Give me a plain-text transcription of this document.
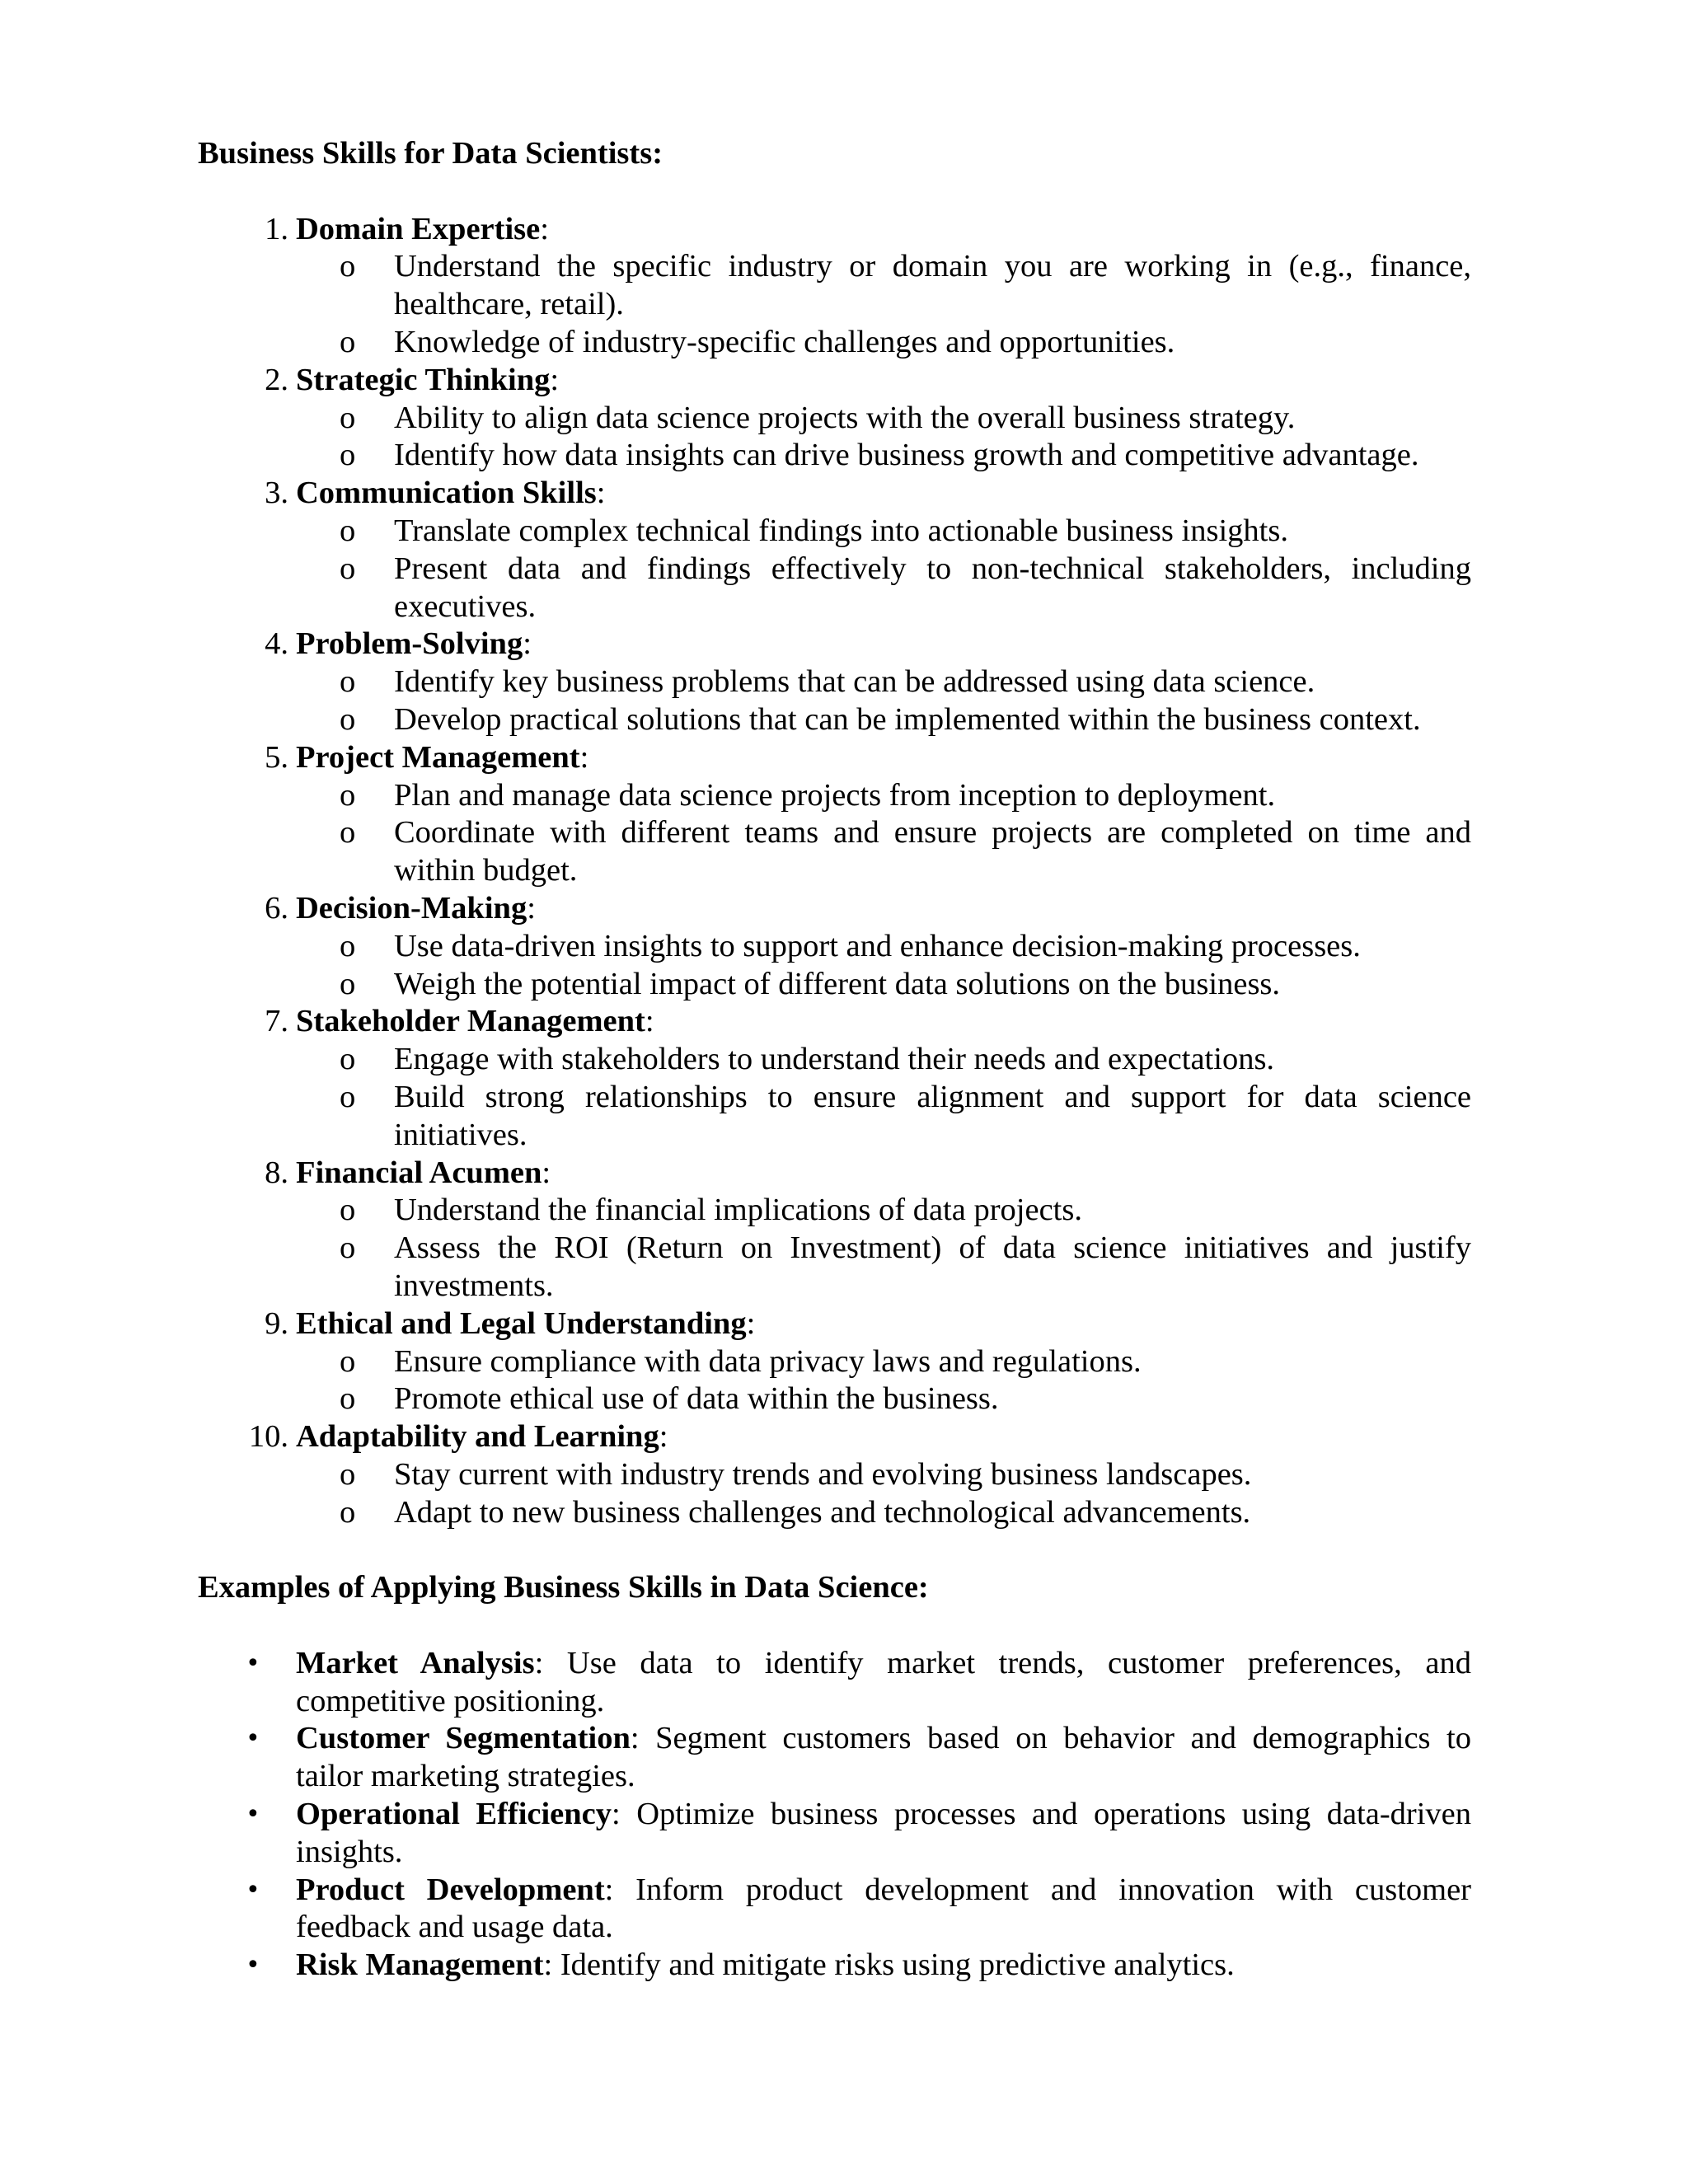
Business Skills for Data Scientists:

1. Domain Expertise:
o Understand the specific industry or domain you are working in (e.g., finance, healthcare, retail).
o Knowledge of industry-specific challenges and opportunities.
2. Strategic Thinking:
o Ability to align data science projects with the overall business strategy.
o Identify how data insights can drive business growth and competitive advantage.
3. Communication Skills:
o Translate complex technical findings into actionable business insights.
o Present data and findings effectively to non-technical stakeholders, including executives.
4. Problem-Solving:
o Identify key business problems that can be addressed using data science.
o Develop practical solutions that can be implemented within the business context.
5. Project Management:
o Plan and manage data science projects from inception to deployment.
o Coordinate with different teams and ensure projects are completed on time and within budget.
6. Decision-Making:
o Use data-driven insights to support and enhance decision-making processes.
o Weigh the potential impact of different data solutions on the business.
7. Stakeholder Management:
o Engage with stakeholders to understand their needs and expectations.
o Build strong relationships to ensure alignment and support for data science initiatives.
8. Financial Acumen:
o Understand the financial implications of data projects.
o Assess the ROI (Return on Investment) of data science initiatives and justify investments.
9. Ethical and Legal Understanding:
o Ensure compliance with data privacy laws and regulations.
o Promote ethical use of data within the business.
10. Adaptability and Learning:
o Stay current with industry trends and evolving business landscapes.
o Adapt to new business challenges and technological advancements.

Examples of Applying Business Skills in Data Science:

• Market Analysis: Use data to identify market trends, customer preferences, and competitive positioning.
• Customer Segmentation: Segment customers based on behavior and demographics to tailor marketing strategies.
• Operational Efficiency: Optimize business processes and operations using data-driven insights.
• Product Development: Inform product development and innovation with customer feedback and usage data.
• Risk Management: Identify and mitigate risks using predictive analytics.
